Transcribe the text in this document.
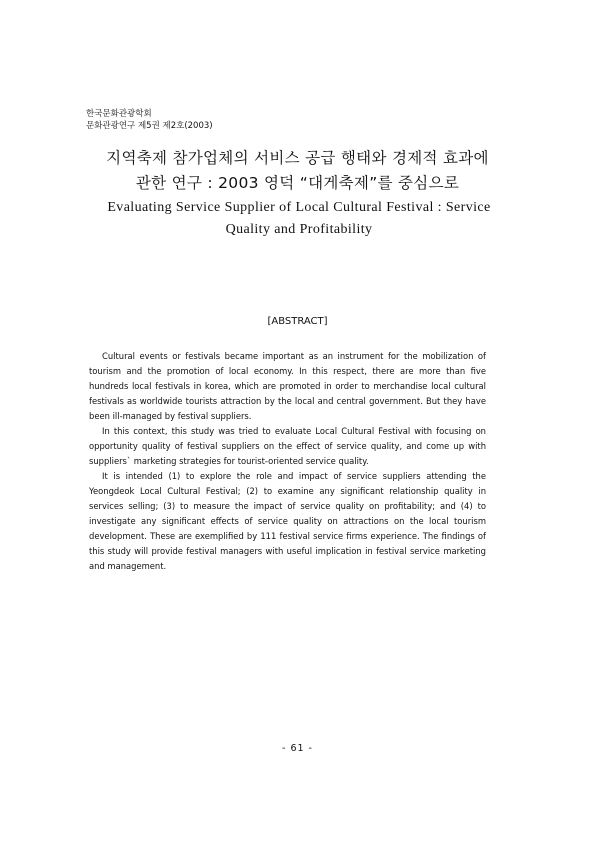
한국문화관광학회
문화관광연구 제5권 제2호(2003)
지역축제 참가업체의 서비스 공급 행태와 경제적 효과에
관한 연구 : 2003 영덕 “대게축제”를 중심으로
Evaluating Service Supplier of Local Cultural Festival : Service
Quality and Profitability
[ABSTRACT]

Cultural events or festivals became important as an instrument for the mobilization of tourism and the promotion of local economy. In this respect, there are more than five hundreds local festivals in korea, which are promoted in order to merchandise local cultural festivals as worldwide tourists attraction by the local and central government. But they have been ill-managed by festival suppliers.

In this context, this study was tried to evaluate Local Cultural Festival with focusing on opportunity quality of festival suppliers on the effect of service quality, and come up with suppliers` marketing strategies for tourist-oriented service quality.

It is intended (1) to explore the role and impact of service suppliers attending the Yeongdeok Local Cultural Festival; (2) to examine any significant relationship quality in services selling; (3) to measure the impact of service quality on profitability; and (4) to investigate any significant effects of service quality on attractions on the local tourism development. These are exemplified by 111 festival service firms experience. The findings of this study will provide festival managers with useful implication in festival service marketing and management.

- 61 -
